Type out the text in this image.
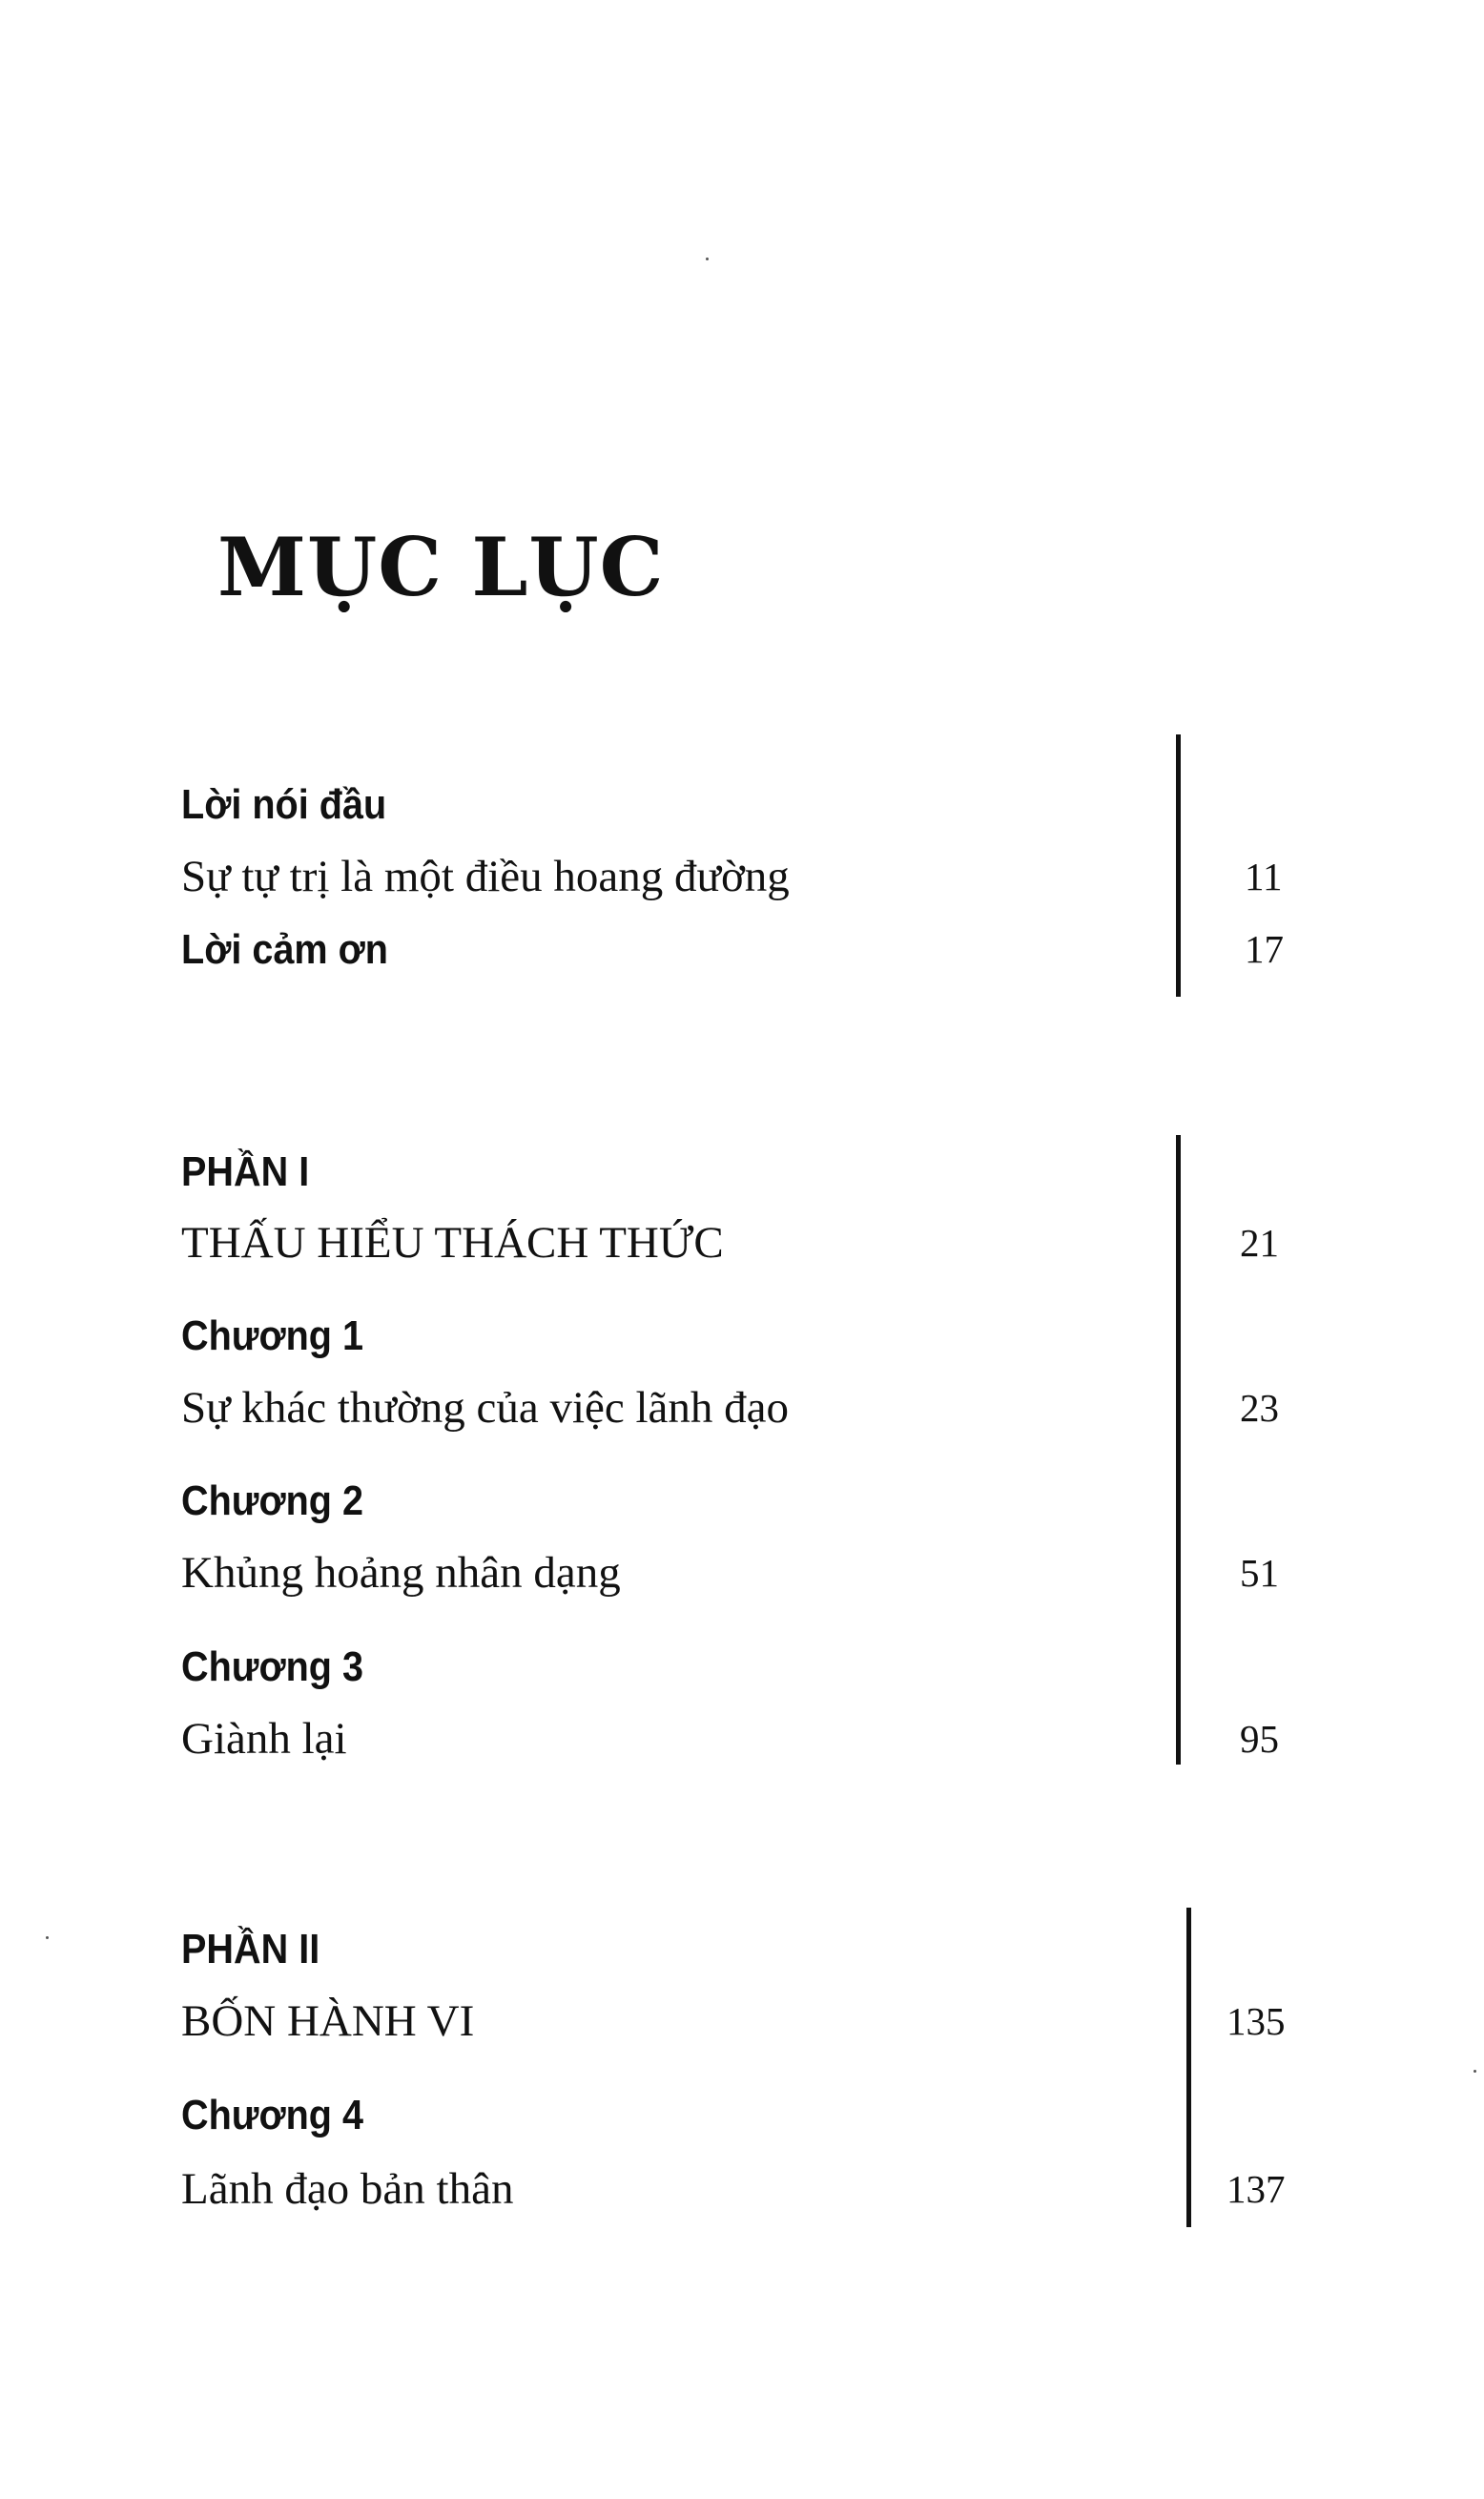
MỤC LỤC
Lời nói đầu
Sự tự trị là một điều hoang đường	11
Lời cảm ơn	17
PHẦN I
THẤU HIỂU THÁCH THỨC	21
Chương 1
Sự khác thường của việc lãnh đạo	23
Chương 2
Khủng hoảng nhân dạng	51
Chương 3
Giành lại	95
PHẦN II
BỐN HÀNH VI	135
Chương 4
Lãnh đạo bản thân	137
